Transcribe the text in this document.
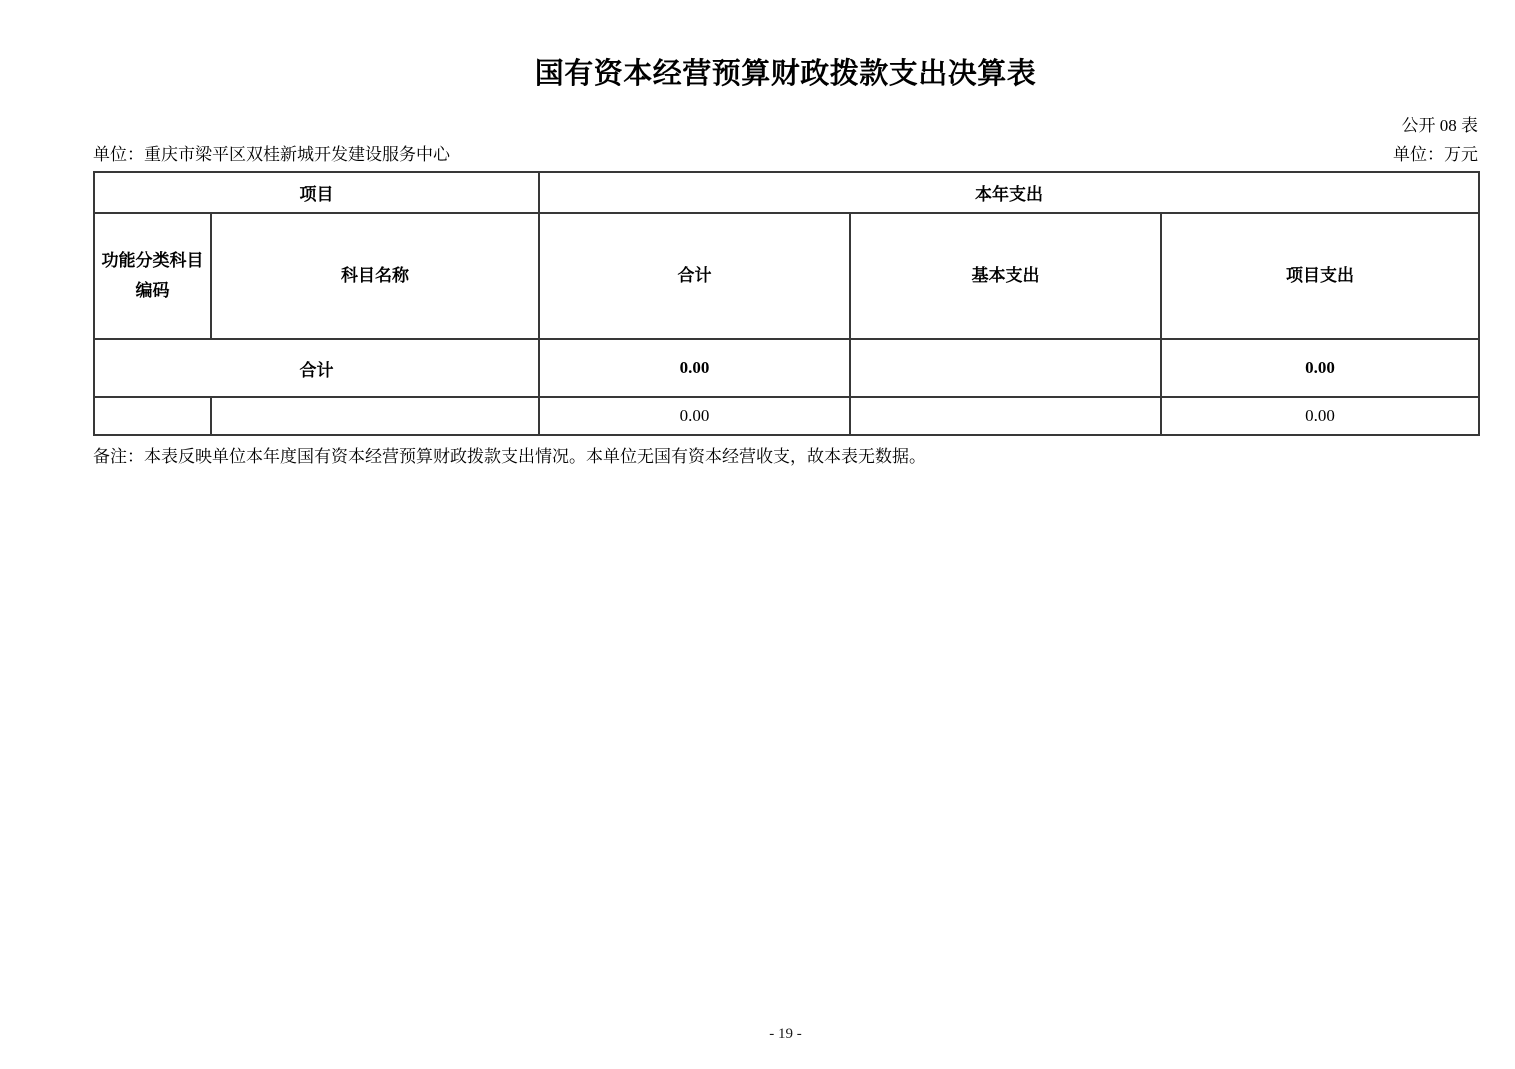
国有资本经营预算财政拨款支出决算表
公开 08 表
单位：重庆市梁平区双桂新城开发建设服务中心	单位：万元
项目		本年支出		

功能分类科目
编码	科目名称	合计	基本支出	项目支出
合计		0.00		0.00
		0.00		0.00
备注：本表反映单位本年度国有资本经营预算财政拨款支出情况。本单位无国有资本经营收支，故本表无数据。
- 19 -
